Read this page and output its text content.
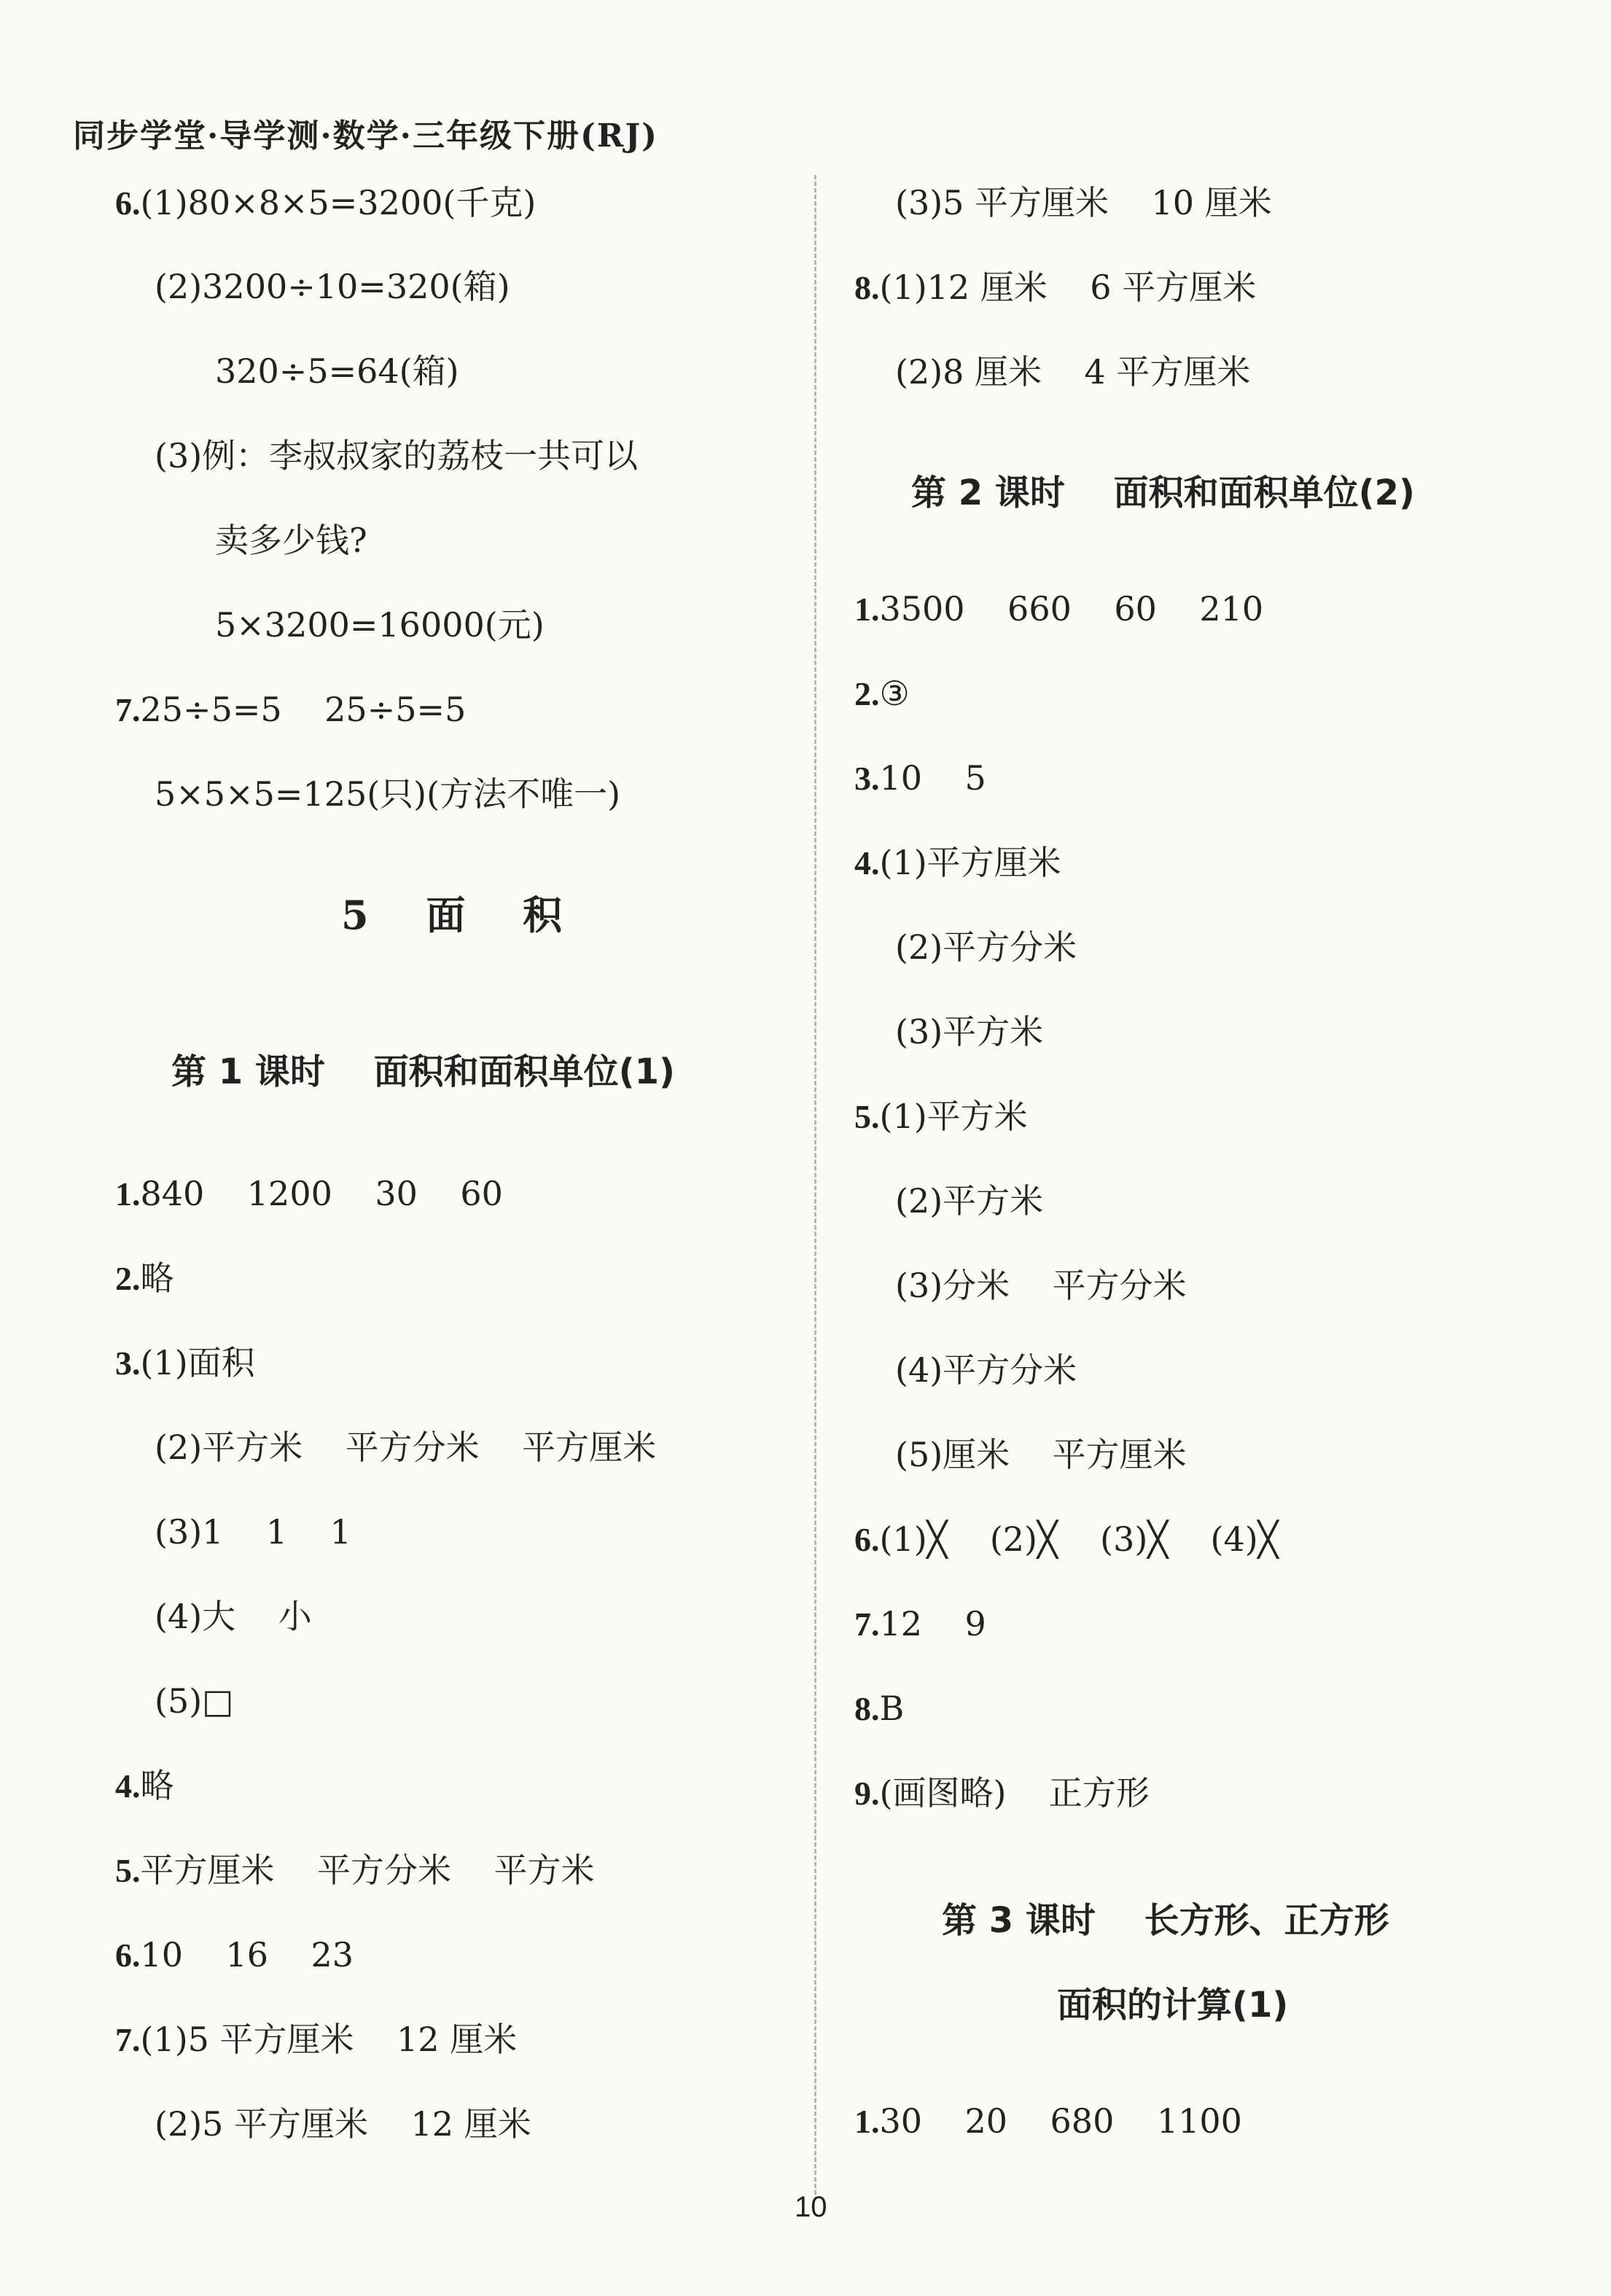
同步学堂·导学测·数学·三年级下册(RJ)
6.(1)80×8×5=3200(千克)
(2)3200÷10=320(箱)
320÷5=64(箱)
(3)例：李叔叔家的荔枝一共可以
卖多少钱?
5×3200=16000(元)
7.25÷5=5    25÷5=5
5×5×5=125(只)(方法不唯一)
5 面 积
第 1 课时    面积和面积单位(1)
1.840    1200    30    60
2.略
3.(1)面积
(2)平方米    平方分米    平方厘米
(3)1    1    1
(4)大    小
(5)□
4.略
5.平方厘米    平方分米    平方米
6.10    16    23
7.(1)5 平方厘米    12 厘米
(2)5 平方厘米    12 厘米
(3)5 平方厘米    10 厘米
8.(1)12 厘米    6 平方厘米
(2)8 厘米    4 平方厘米
第 2 课时    面积和面积单位(2)
1.3500    660    60    210
2.③
3.10    5
4.(1)平方厘米
(2)平方分米
(3)平方米
5.(1)平方米
(2)平方米
(3)分米    平方分米
(4)平方分米
(5)厘米    平方厘米
6.(1)╳    (2)╳    (3)╳    (4)╳
7.12    9
8.B
9.(画图略)    正方形
第 3 课时    长方形、正方形
面积的计算(1)
1.30    20    680    1100
10
